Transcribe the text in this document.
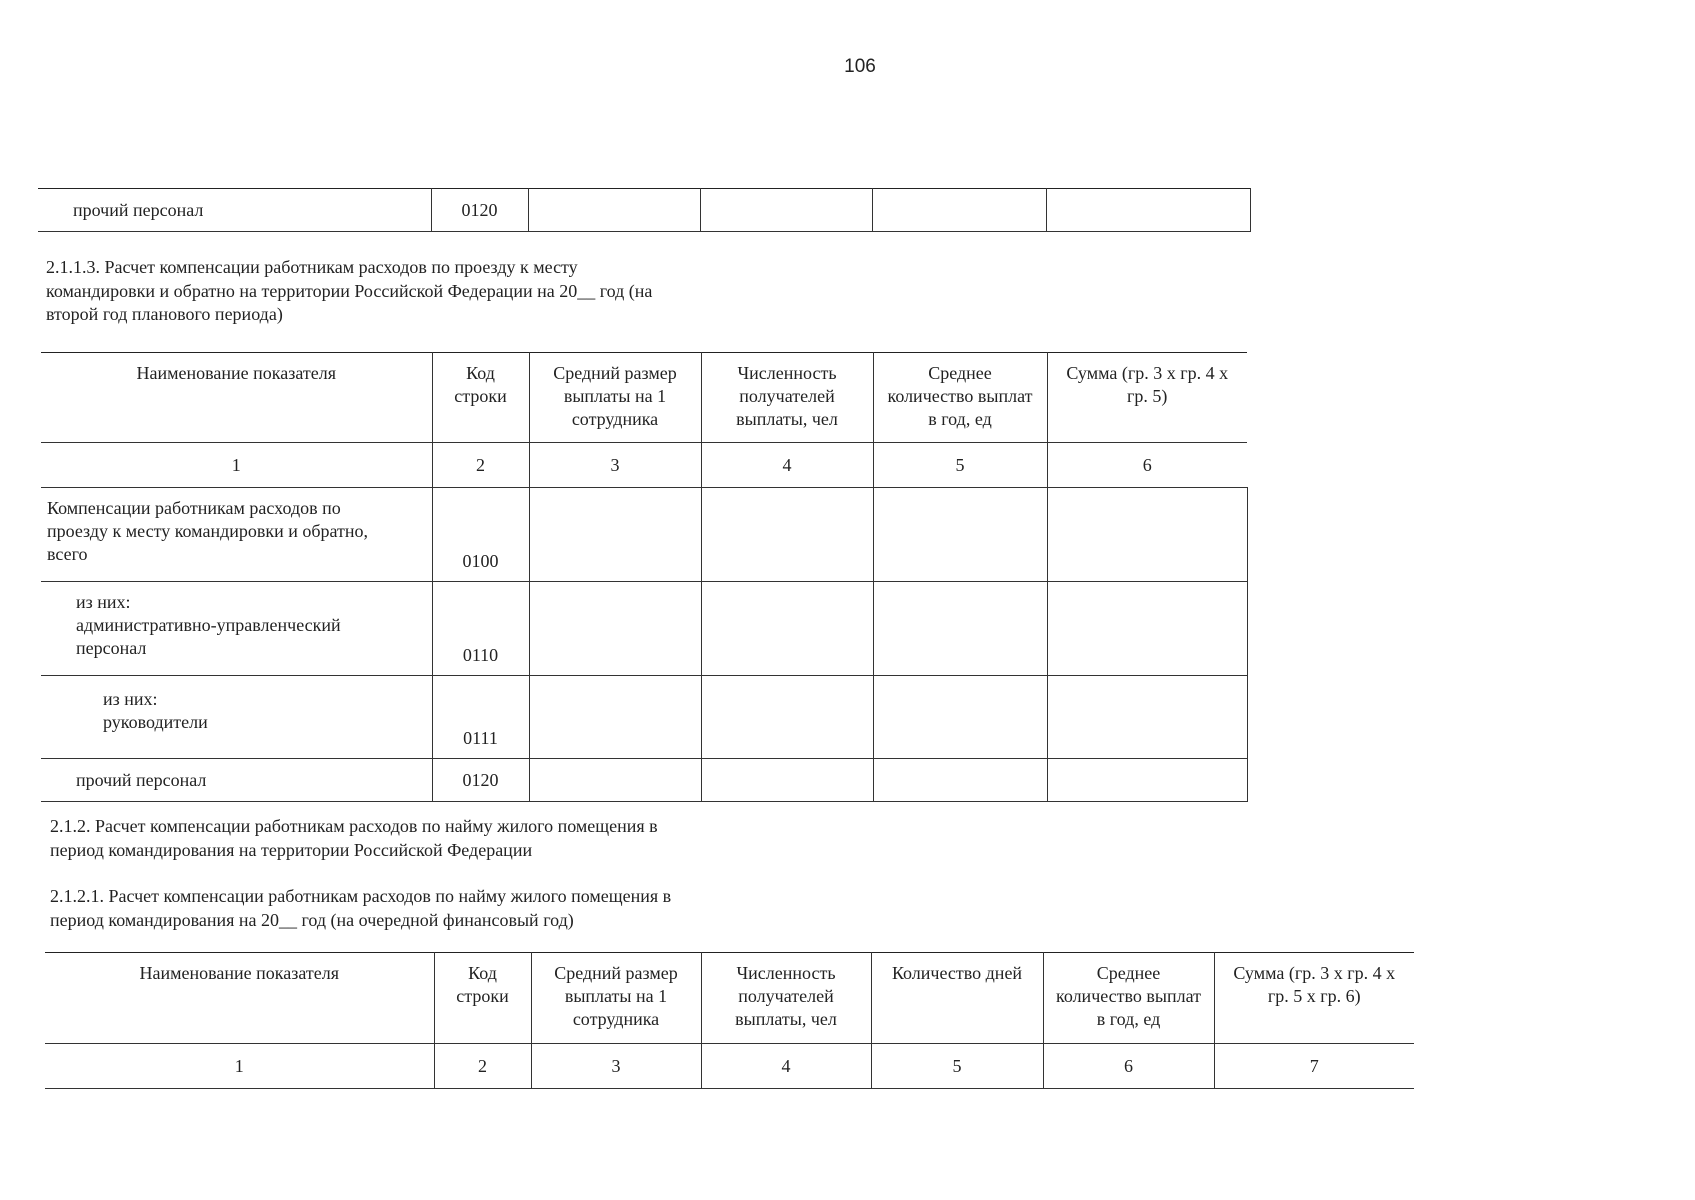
106
прочий персонал	0120				
2.1.1.3. Расчет компенсации работникам расходов по проезду к месту
командировки и обратно на территории Российской Федерации на 20__ год (на
второй год планового периода)
Наименование показателя	Код строки	Средний размер выплаты на 1 сотрудника	Численность получателей выплаты, чел	Среднее количество выплат в год, ед	Сумма (гр. 3 х гр. 4 х гр. 5)
1	2	3	4	5	6

Компенсации работникам расходов по
проезду к месту командировки и обратно,
всего	0100				

из них:
административно-управленческий
персонал	0110				

из них:
руководители	0111				

прочий персонал	0120				
2.1.2. Расчет компенсации работникам расходов по найму жилого помещения в
период командирования на территории Российской Федерации
2.1.2.1. Расчет компенсации работникам расходов по найму жилого помещения в
период командирования на 20__ год (на очередной финансовый год)
Наименование показателя	Код строки	Средний размер выплаты на 1 сотрудника	Численность получателей выплаты, чел	Количество дней	Среднее количество выплат в год, ед	Сумма (гр. 3 х гр. 4 х гр. 5 х гр. 6)
1	2	3	4	5	6	7
